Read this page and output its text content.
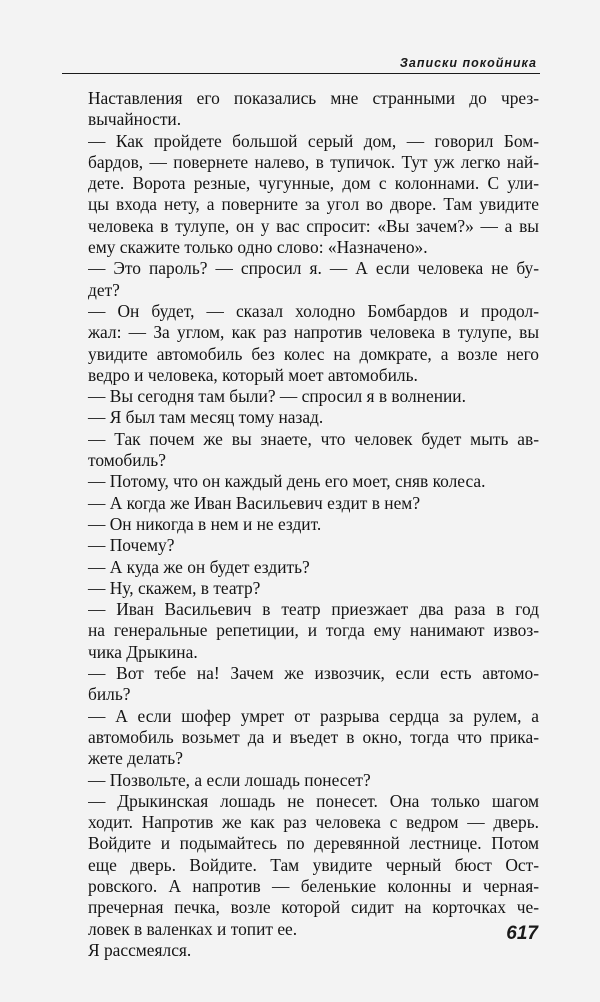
Записки покойника
Наставления его показались мне странными до чрез-
вычайности.
— Как пройдете большой серый дом, — говорил Бом-
бардов, — повернете налево, в тупичок. Тут уж легко най-
дете. Ворота резные, чугунные, дом с колоннами. С ули-
цы входа нету, а поверните за угол во дворе. Там увидите
человека в тулупе, он у вас спросит: «Вы зачем?» — а вы
ему скажите только одно слово: «Назначено».
— Это пароль? — спросил я. — А если человека не бу-
дет?
— Он будет, — сказал холодно Бомбардов и продол-
жал: — За углом, как раз напротив человека в тулупе, вы
увидите автомобиль без колес на домкрате, а возле него
ведро и человека, который моет автомобиль.
— Вы сегодня там были? — спросил я в волнении.
— Я был там месяц тому назад.
— Так почем же вы знаете, что человек будет мыть ав-
томобиль?
— Потому, что он каждый день его моет, сняв колеса.
— А когда же Иван Васильевич ездит в нем?
— Он никогда в нем и не ездит.
— Почему?
— А куда же он будет ездить?
— Ну, скажем, в театр?
— Иван Васильевич в театр приезжает два раза в год
на генеральные репетиции, и тогда ему нанимают извоз-
чика Дрыкина.
— Вот тебе на! Зачем же извозчик, если есть автомо-
биль?
— А если шофер умрет от разрыва сердца за рулем, а
автомобиль возьмет да и въедет в окно, тогда что прика-
жете делать?
— Позвольте, а если лошадь понесет?
— Дрыкинская лошадь не понесет. Она только шагом
ходит. Напротив же как раз человека с ведром — дверь.
Войдите и подымайтесь по деревянной лестнице. Потом
еще дверь. Войдите. Там увидите черный бюст Ост-
ровского. А напротив — беленькие колонны и черная-
пречерная печка, возле которой сидит на корточках че-
ловек в валенках и топит ее.
Я рассмеялся.
617
